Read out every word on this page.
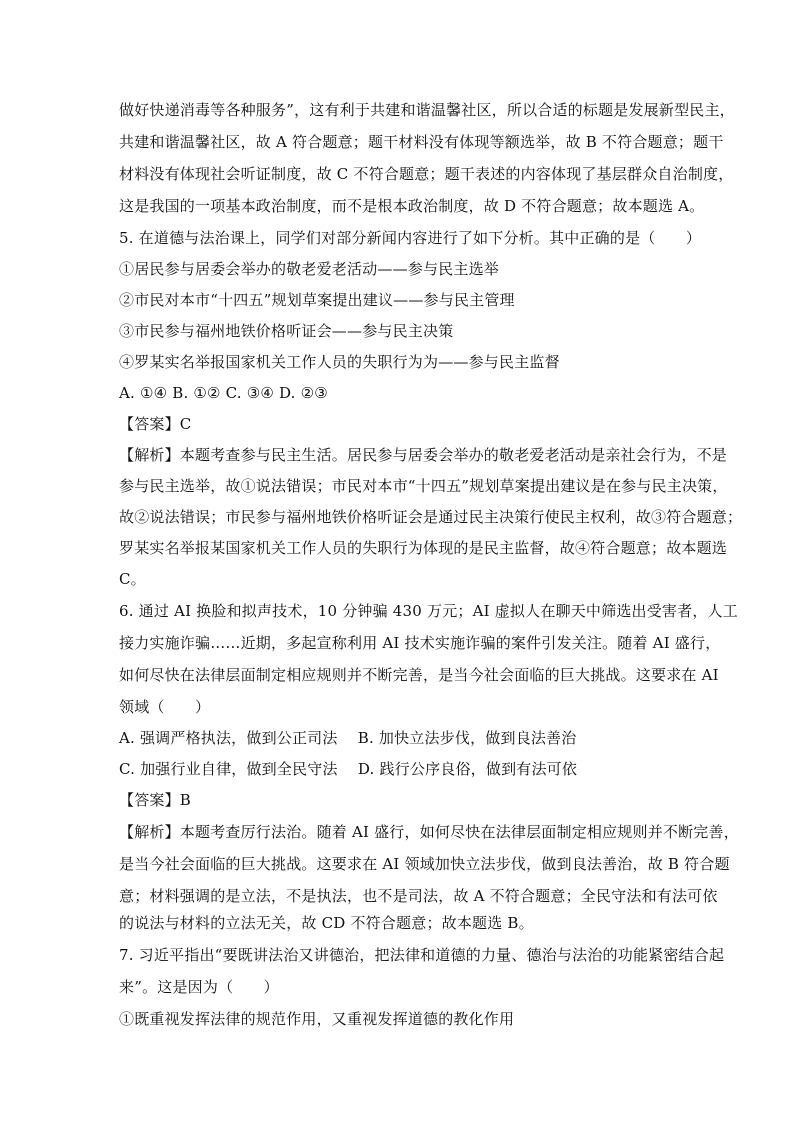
做好快递消毒等各种服务”，这有利于共建和谐温馨社区，所以合适的标题是发展新型民主，
共建和谐温馨社区，故 A 符合题意；题干材料没有体现等额选举，故 B 不符合题意；题干
材料没有体现社会听证制度，故 C 不符合题意；题干表述的内容体现了基层群众自治制度，
这是我国的一项基本政治制度，而不是根本政治制度，故 D 不符合题意；故本题选 A。
5. 在道德与法治课上，同学们对部分新闻内容进行了如下分析。其中正确的是（　　）
①居民参与居委会举办的敬老爱老活动——参与民主选举
②市民对本市“十四五”规划草案提出建议——参与民主管理
③市民参与福州地铁价格听证会——参与民主决策
④罗某实名举报国家机关工作人员的失职行为为——参与民主监督
A. ①④ B. ①② C. ③④ D. ②③
【答案】C
【解析】本题考查参与民主生活。居民参与居委会举办的敬老爱老活动是亲社会行为，不是
参与民主选举，故①说法错误；市民对本市“十四五”规划草案提出建议是在参与民主决策，
故②说法错误；市民参与福州地铁价格听证会是通过民主决策行使民主权利，故③符合题意；
罗某实名举报某国家机关工作人员的失职行为体现的是民主监督，故④符合题意；故本题选
C。
6. 通过 AI 换脸和拟声技术，10 分钟骗 430 万元；AI 虚拟人在聊天中筛选出受害者，人工
接力实施诈骗……近期，多起宣称利用 AI 技术实施诈骗的案件引发关注。随着 AI 盛行，
如何尽快在法律层面制定相应规则并不断完善，是当今社会面临的巨大挑战。这要求在 AI
领域（　　）
A. 强调严格执法，做到公正司法　 B. 加快立法步伐，做到良法善治
C. 加强行业自律，做到全民守法　 D. 践行公序良俗，做到有法可依
【答案】B
【解析】本题考查厉行法治。随着 AI 盛行，如何尽快在法律层面制定相应规则并不断完善，
是当今社会面临的巨大挑战。这要求在 AI 领域加快立法步伐，做到良法善治，故 B 符合题
意；材料强调的是立法，不是执法，也不是司法，故 A 不符合题意；全民守法和有法可依
的说法与材料的立法无关，故 CD 不符合题意；故本题选 B。
7. 习近平指出“要既讲法治又讲德治，把法律和道德的力量、德治与法治的功能紧密结合起
来”。这是因为（　　）
①既重视发挥法律的规范作用，又重视发挥道德的教化作用
